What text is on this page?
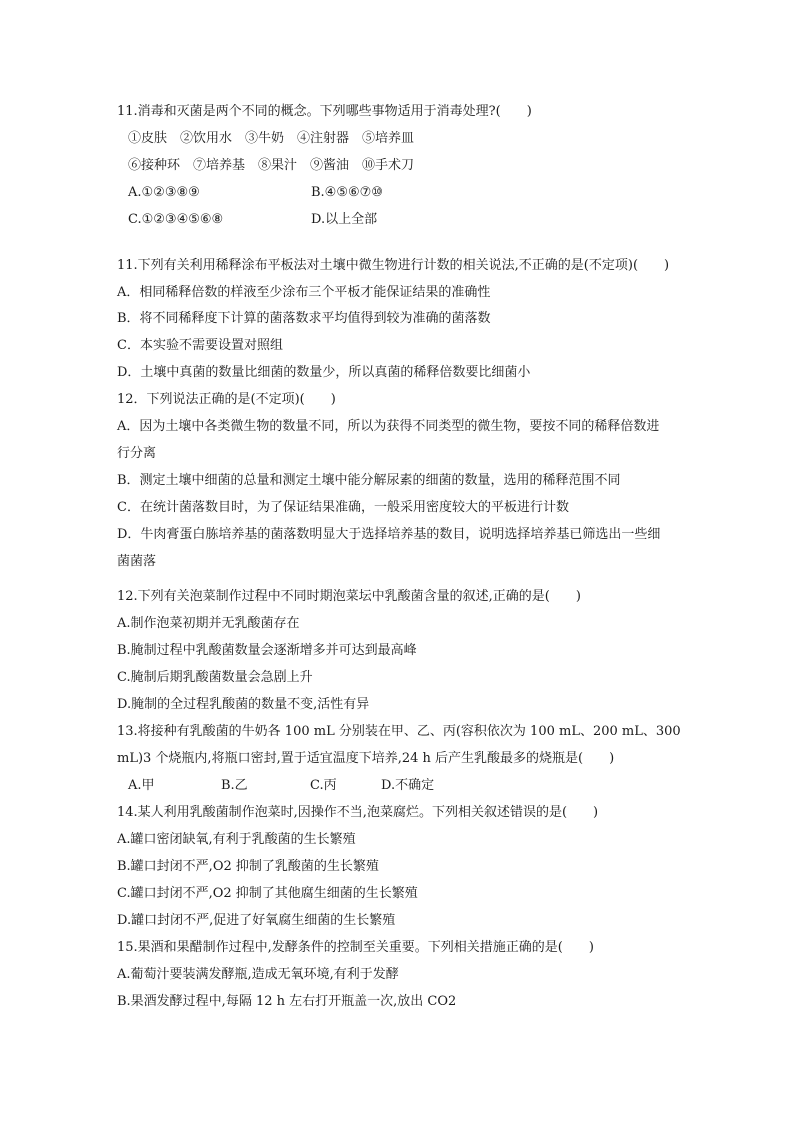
11.消毒和灭菌是两个不同的概念。下列哪些事物适用于消毒处理?(　　)
①皮肤　②饮用水　③牛奶　④注射器　⑤培养皿
⑥接种环　⑦培养基　⑧果汁　⑨酱油　⑩手术刀
A.①②③⑧⑨	B.④⑤⑥⑦⑩
C.①②③④⑤⑥⑧	D.以上全部
11.下列有关利用稀释涂布平板法对土壤中微生物进行计数的相关说法,不正确的是(不定项)(　　)
A．相同稀释倍数的样液至少涂布三个平板才能保证结果的准确性
B．将不同稀释度下计算的菌落数求平均值得到较为准确的菌落数
C．本实验不需要设置对照组
D．土壤中真菌的数量比细菌的数量少，所以真菌的稀释倍数要比细菌小
12．下列说法正确的是(不定项)(　　)
A．因为土壤中各类微生物的数量不同，所以为获得不同类型的微生物，要按不同的稀释倍数进
行分离
B．测定土壤中细菌的总量和测定土壤中能分解尿素的细菌的数量，选用的稀释范围不同
C．在统计菌落数目时，为了保证结果准确，一般采用密度较大的平板进行计数
D．牛肉膏蛋白胨培养基的菌落数明显大于选择培养基的数目，说明选择培养基已筛选出一些细
菌菌落
12.下列有关泡菜制作过程中不同时期泡菜坛中乳酸菌含量的叙述,正确的是(　　)
A.制作泡菜初期并无乳酸菌存在
B.腌制过程中乳酸菌数量会逐渐增多并可达到最高峰
C.腌制后期乳酸菌数量会急剧上升
D.腌制的全过程乳酸菌的数量不变,活性有异
13.将接种有乳酸菌的牛奶各 100 mL 分别装在甲、乙、丙(容积依次为 100 mL、200 mL、300
mL)3 个烧瓶内,将瓶口密封,置于适宜温度下培养,24 h 后产生乳酸最多的烧瓶是(　　)
A.甲	B.乙	C.丙	D.不确定
14.某人利用乳酸菌制作泡菜时,因操作不当,泡菜腐烂。下列相关叙述错误的是(　　)
A.罐口密闭缺氧,有利于乳酸菌的生长繁殖
B.罐口封闭不严,O2 抑制了乳酸菌的生长繁殖
C.罐口封闭不严,O2 抑制了其他腐生细菌的生长繁殖
D.罐口封闭不严,促进了好氧腐生细菌的生长繁殖
15.果酒和果醋制作过程中,发酵条件的控制至关重要。下列相关措施正确的是(　　)
A.葡萄汁要装满发酵瓶,造成无氧环境,有利于发酵
B.果酒发酵过程中,每隔 12 h 左右打开瓶盖一次,放出 CO2
